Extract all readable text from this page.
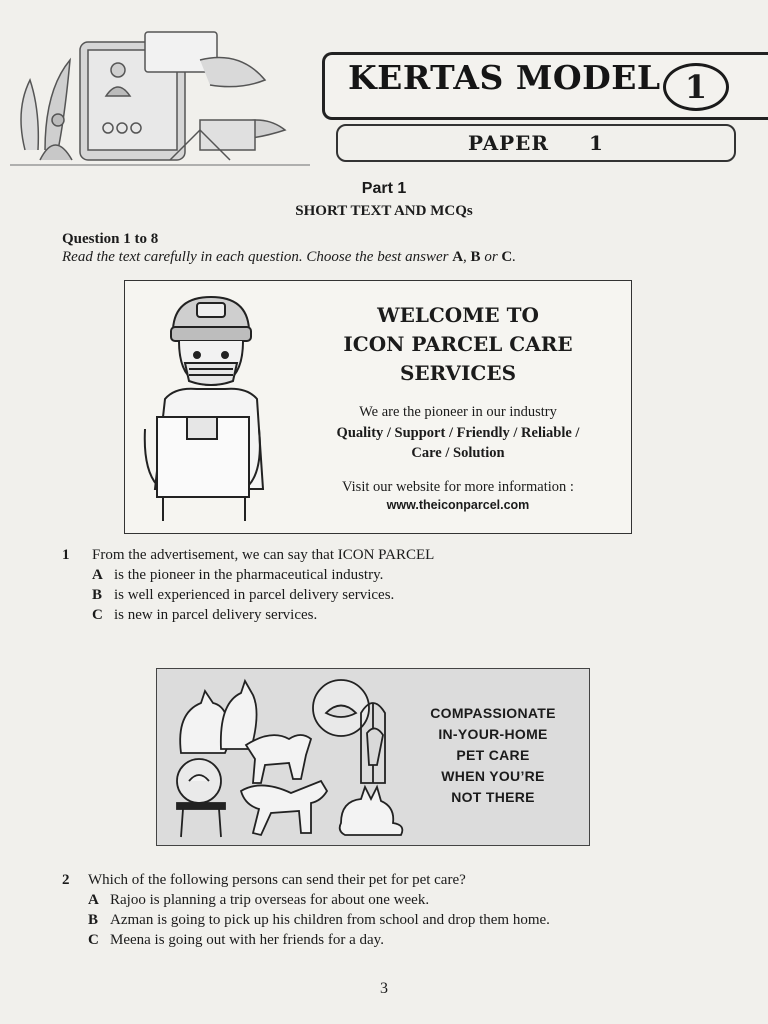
KERTAS MODEL 1
PAPER 1
Part 1
SHORT TEXT AND MCQs
Question 1 to 8
Read the text carefully in each question. Choose the best answer A, B or C.
WELCOME TO
ICON PARCEL CARE
SERVICES
We are the pioneer in our industry
Quality / Support / Friendly / Reliable /
Care / Solution
Visit our website for more information :
www.theiconparcel.com
1 From the advertisement, we can say that ICON PARCEL
A is the pioneer in the pharmaceutical industry.
B is well experienced in parcel delivery services.
C is new in parcel delivery services.
COMPASSIONATE
IN-YOUR-HOME
PET CARE
WHEN YOU’RE
NOT THERE
2 Which of the following persons can send their pet for pet care?
A Rajoo is planning a trip overseas for about one week.
B Azman is going to pick up his children from school and drop them home.
C Meena is going out with her friends for a day.
3
